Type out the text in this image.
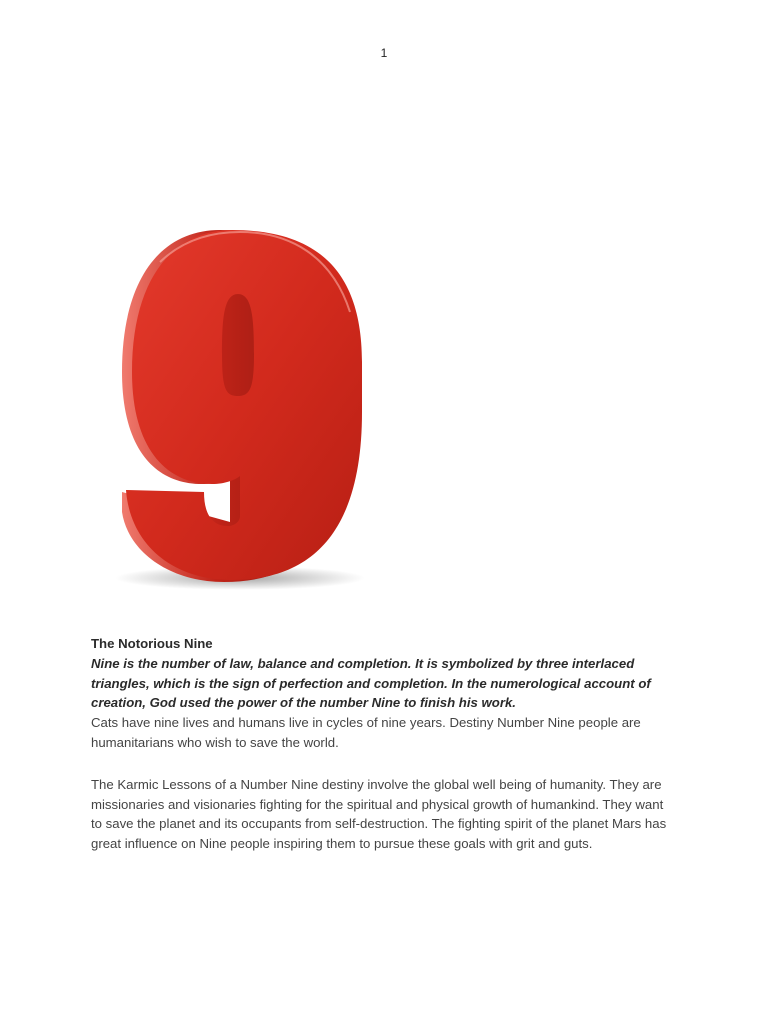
1

The Notorious Nine

Nine is the number of law, balance and completion. It is symbolized by three interlaced triangles, which is the sign of perfection and completion. In the numerological account of creation, God used the power of the number Nine to finish his work.

Cats have nine lives and humans live in cycles of nine years. Destiny Number Nine people are humanitarians who wish to save the world.

The Karmic Lessons of a Number Nine destiny involve the global well being of humanity. They are missionaries and visionaries fighting for the spiritual and physical growth of humankind. They want to save the planet and its occupants from self-destruction. The fighting spirit of the planet Mars has great influence on Nine people inspiring them to pursue these goals with grit and guts.
